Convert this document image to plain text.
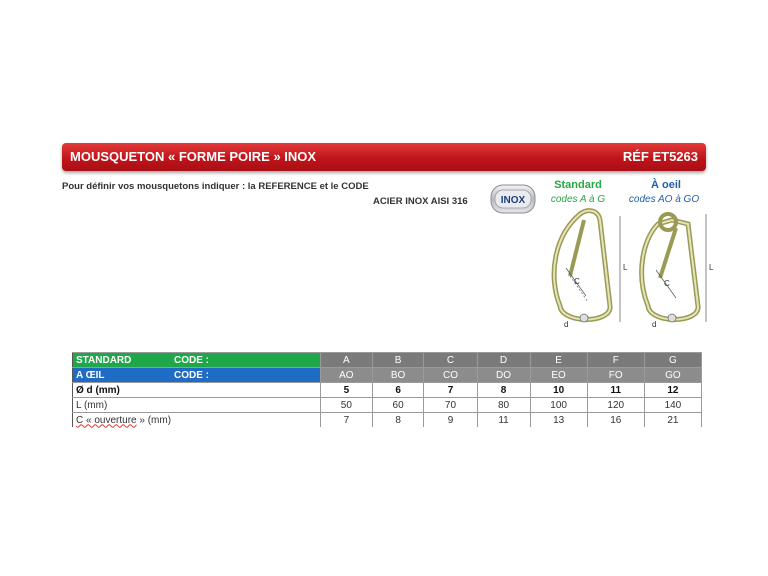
MOUSQUETON « FORME POIRE » INOX	RÉF ET5263
Pour définir vos mousquetons indiquer : la REFERENCE et le CODE
ACIER INOX AISI 316	INOX
Standard
codes A à G
À oeil
codes AO à GO
C
L
d
C
L
d
STANDARD CODE :	A	B	C	D	E	F	G
A ŒIL CODE :	AO	BO	CO	DO	EO	FO	GO
Ø d (mm)	5	6	7	8	10	11	12
L (mm)	50	60	70	80	100	120	140
C « ouverture » (mm)	7	8	9	11	13	16	21
